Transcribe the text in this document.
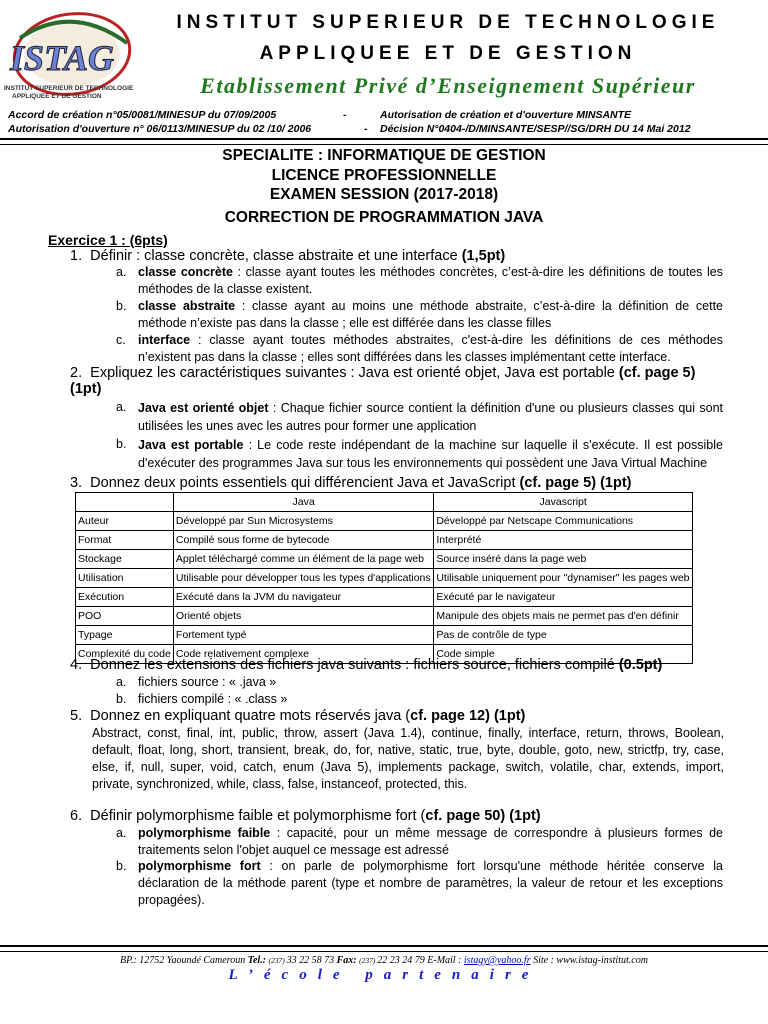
ISTAG
INSTITUT SUPERIEUR DE TECHNOLOGIE
APPLIQUEE ET DE GESTION
INSTITUT SUPERIEUR DE TECHNOLOGIE
APPLIQUEE ET DE GESTION
Etablissement Privé d’Enseignement Supérieur
Accord de création n°05/0081/MINESUP du 07/09/2005	-	Autorisation de création et d'ouverture MINSANTE
Autorisation d'ouverture n° 06/0113/MINESUP du 02 /10/ 2006	- Décision N°0404-/D/MINSANTE/SESP//SG/DRH DU 14 Mai 2012
SPECIALITE : INFORMATIQUE DE GESTION
LICENCE PROFESSIONNELLE
EXAMEN SESSION (2017-2018)
CORRECTION DE PROGRAMMATION JAVA
Exercice 1 : (6pts)
1. Définir : classe concrète, classe abstraite et une interface (1,5pt)
a. classe concrète : classe ayant toutes les méthodes concrètes, c’est-à-dire les définitions de toutes les méthodes de la classe existent.
b. classe abstraite : classe ayant au moins une méthode abstraite, c’est-à-dire la définition de cette méthode n’existe pas dans la classe ; elle est différée dans les classe filles
c. interface : classe ayant toutes méthodes abstraites, c'est-à-dire les définitions de ces méthodes n’existent pas dans la classe ; elles sont différées dans les classes implémentant cette interface.
2. Expliquez les caractéristiques suivantes : Java est orienté objet, Java est portable (cf. page 5) (1pt)
a. Java est orienté objet : Chaque fichier source contient la définition d'une ou plusieurs classes qui sont utilisées les unes avec les autres pour former une application
b. Java est portable : Le code reste indépendant de la machine sur laquelle il s'exécute. Il est possible d'exécuter des programmes Java sur tous les environnements qui possèdent une Java Virtual Machine
3. Donnez deux points essentiels qui différencient Java et JavaScript (cf. page 5) (1pt)
	Java	Javascript
Auteur	Développé par Sun Microsystems	Développé par Netscape Communications
Format	Compilé sous forme de bytecode	Interprété
Stockage	Applet téléchargé comme un élément de la page web	Source inséré dans la page web
Utilisation	Utilisable pour développer tous les types d'applications	Utilisable uniquement pour "dynamiser" les pages web
Exécution	Exécuté dans la JVM du navigateur	Exécuté par le navigateur
POO	Orienté objets	Manipule des objets mais ne permet pas d'en définir
Typage	Fortement typé	Pas de contrôle de type
Complexité du code	Code relativement complexe	Code simple
4. Donnez les extensions des fichiers java suivants : fichiers source, fichiers compilé (0.5pt)
a. fichiers source : « .java »
b. fichiers compilé : « .class »
5. Donnez en expliquant quatre mots réservés java (cf. page 12) (1pt)
Abstract, const, final, int, public, throw, assert (Java 1.4), continue, finally, interface, return, throws, Boolean, default, float, long, short, transient, break, do, for, native, static, true, byte, double, goto, new, strictfp, try, case, else, if, null, super, void, catch, enum (Java 5), implements package, switch, volatile, char, extends, import, private, synchronized, while, class, false, instanceof, protected, this.
6. Définir polymorphisme faible et polymorphisme fort (cf. page 50) (1pt)
a. polymorphisme faible : capacité, pour un même message de correspondre à plusieurs formes de traitements selon l'objet auquel ce message est adressé
b. polymorphisme fort : on parle de polymorphisme fort lorsqu'une méthode héritée conserve la déclaration de la méthode parent (type et nombre de paramètres, la valeur de retour et les exceptions propagées).
BP.: 12752 Yaoundé Cameroun Tel.: (237) 33 22 58 73 Fax: (237) 22 23 24 79 E-Mail : istagy@yahoo.fr Site : www.istag-institut.com
L’école partenaire
